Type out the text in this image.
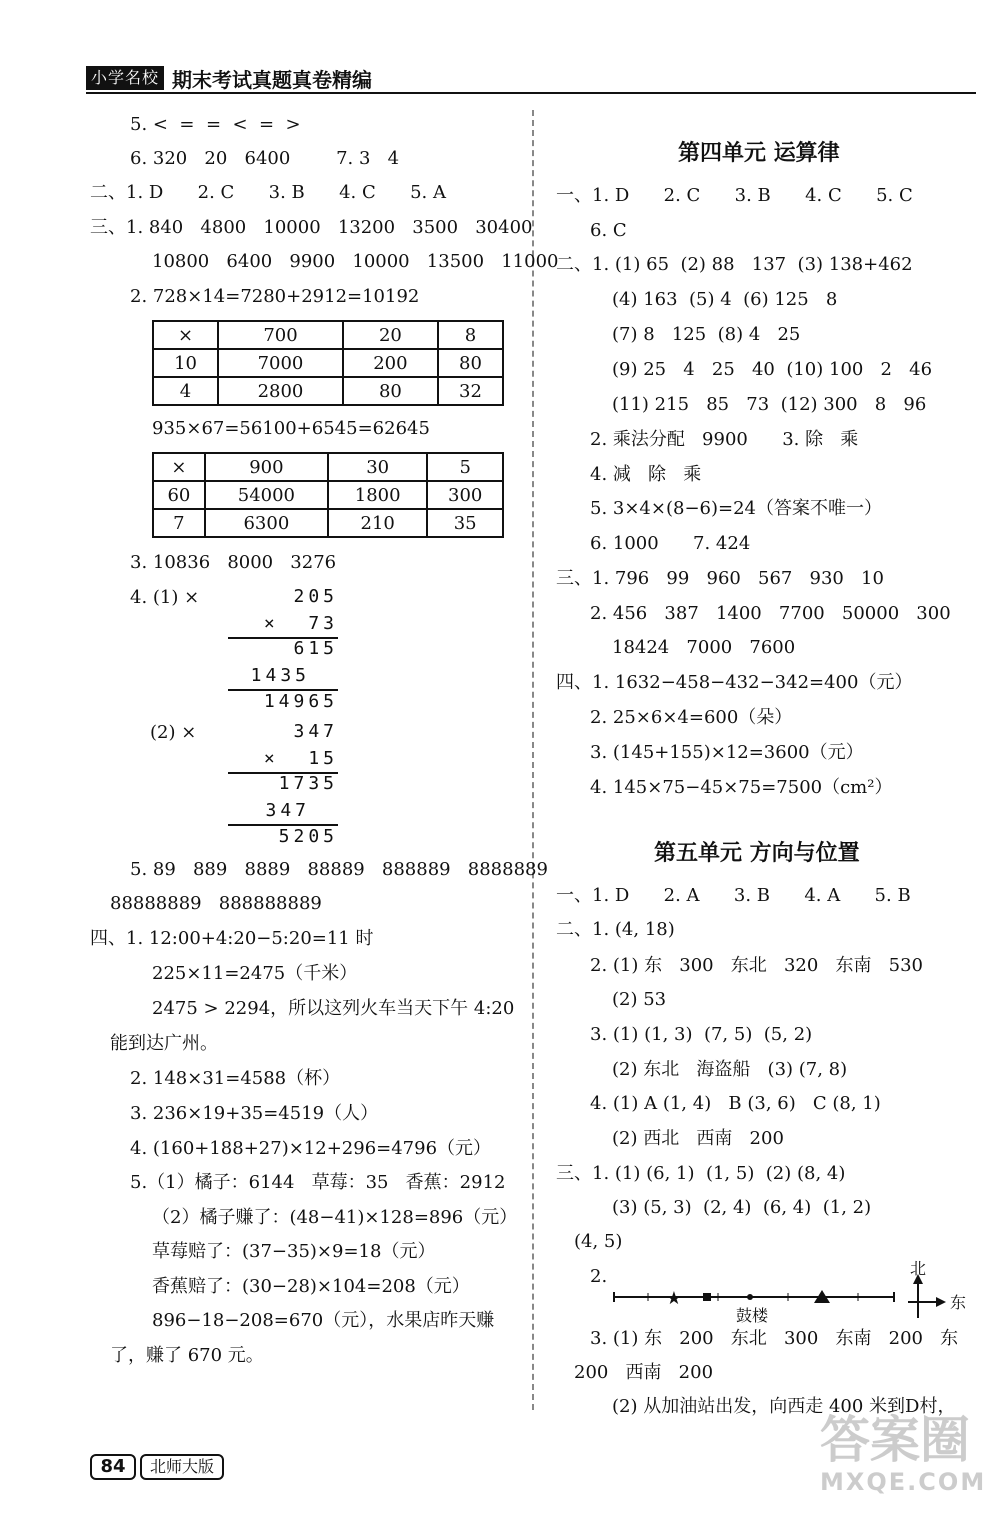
小学名校 期末考试真题真卷精编
5. <  =  =  <  =  >
6. 320   20   6400        7. 3   4
二、1. D      2. C      3. B      4. C      5. A
三、1. 840   4800   10000   13200   3500   30400
10800   6400   9900   10000   13500   11000
2. 728×14=7280+2912=10192
×	700	20	8
10	7000	200	80
4	2800	80	32
935×67=56100+6545=62645
×	900	30	5
60	54000	1800	300
7	6300	210	35
3. 10836   8000   3276
4. (1) ×	205
×  73
615
1435
14965
(2) ×	347
×  15
1735
347
5205
5. 89   889   8889   88889   888889   8888889
88888889   888888889
四、1. 12:00+4:20−5:20=11 时
225×11=2475（千米）
2475 > 2294，所以这列火车当天下午 4:20
能到达广州。
2. 148×31=4588（杯）
3. 236×19+35=4519（人）
4. (160+188+27)×12+296=4796（元）
5.（1）橘子：6144   草莓：35   香蕉：2912
（2）橘子赚了：(48−41)×128=896（元）
草莓赔了：(37−35)×9=18（元）
香蕉赔了：(30−28)×104=208（元）
896−18−208=670（元），水果店昨天赚
了，赚了 670 元。
第四单元 运算律
一、1. D      2. C      3. B      4. C      5. C
6. C
二、1. (1) 65  (2) 88   137  (3) 138+462
(4) 163  (5) 4  (6) 125   8
(7) 8   125  (8) 4   25
(9) 25   4   25   40  (10) 100   2   46
(11) 215   85   73  (12) 300   8   96
2. 乘法分配   9900      3. 除   乘
4. 减   除   乘
5. 3×4×(8−6)=24（答案不唯一）
6. 1000      7. 424
三、1. 796   99   960   567   930   10
2. 456   387   1400   7700   50000   300
18424   7000   7600
四、1. 1632−458−432−342=400（元）
2. 25×6×4=600（朵）
3. (145+155)×12=3600（元）
4. 145×75−45×75=7500（cm²）
第五单元 方向与位置
一、1. D      2. A      3. B      4. A      5. B
二、1. (4, 18)
2. (1) 东   300   东北   320   东南   530
(2) 53
3. (1) (1, 3)  (7, 5)  (5, 2)
(2) 东北   海盗船   (3) (7, 8)
4. (1) A (1, 4)   B (3, 6)   C (8, 1)
(2) 西北   西南   200
三、1. (1) (6, 1)  (1, 5)  (2) (8, 4)
(3) (5, 3)  (2, 4)  (6, 4)  (1, 2)
(4, 5)
2.
★
鼓楼
北
东
3. (1) 东   200   东北   300   东南   200   东
200   西南   200
(2) 从加油站出发，向西走 400 米到D村，
84	北师大版	答案圈
MXQE.COM
